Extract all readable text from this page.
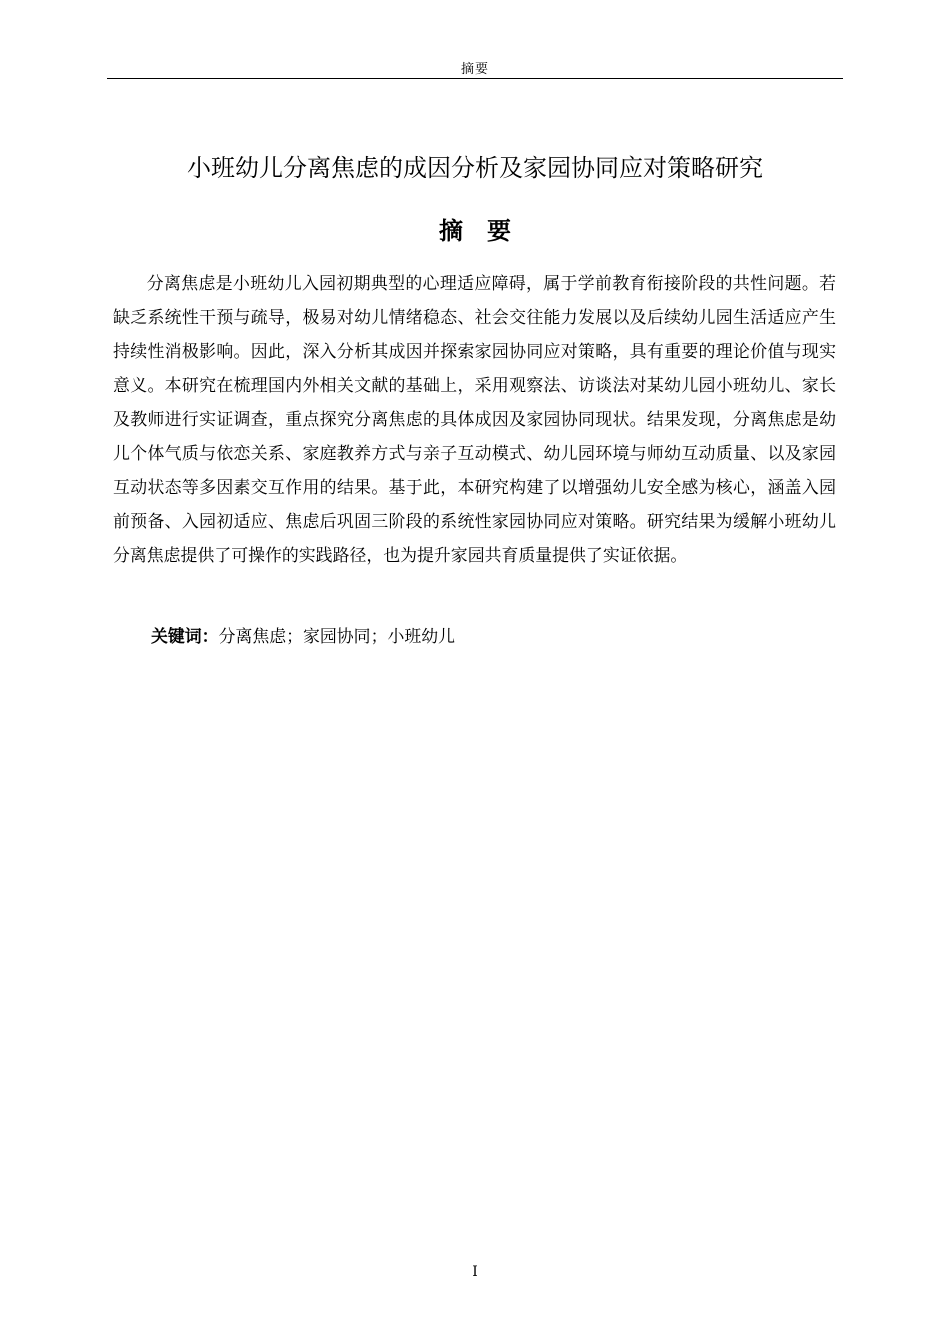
摘要
小班幼儿分离焦虑的成因分析及家园协同应对策略研究
摘要

分离焦虑是小班幼儿入园初期典型的心理适应障碍，属于学前教育衔接阶段的共性问题。若缺乏系统性干预与疏导，极易对幼儿情绪稳态、社会交往能力发展以及后续幼儿园生活适应产生持续性消极影响。因此，深入分析其成因并探索家园协同应对策略，具有重要的理论价值与现实意义。本研究在梳理国内外相关文献的基础上，采用观察法、访谈法对某幼儿园小班幼儿、家长及教师进行实证调查，重点探究分离焦虑的具体成因及家园协同现状。结果发现，分离焦虑是幼儿个体气质与依恋关系、家庭教养方式与亲子互动模式、幼儿园环境与师幼互动质量、以及家园互动状态等多因素交互作用的结果。基于此，本研究构建了以增强幼儿安全感为核心，涵盖入园前预备、入园初适应、焦虑后巩固三阶段的系统性家园协同应对策略。研究结果为缓解小班幼儿分离焦虑提供了可操作的实践路径，也为提升家园共育质量提供了实证依据。

关键词：分离焦虑；家园协同；小班幼儿

I
